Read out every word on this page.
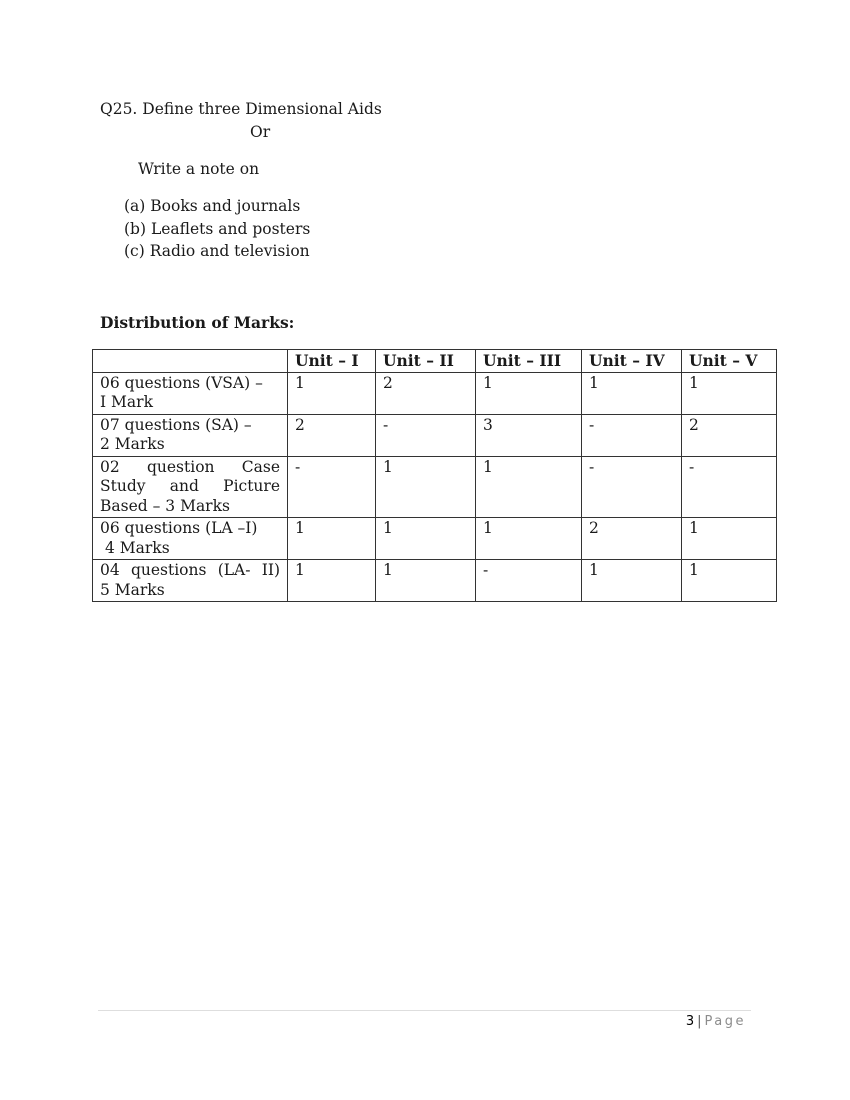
Q25. Define three Dimensional Aids
Or
Write a note on
(a) Books and journals
(b) Leaflets and posters
(c) Radio and television
Distribution of Marks:
	Unit – I	Unit – II	Unit – III	Unit – IV	Unit – V

06 questions (VSA) –
I Mark	1	2	1	1	1

07 questions (SA) –
2 Marks	2	-	3	-	2

02 question Case
Study and Picture
Based – 3 Marks	-	1	1	-	-

06 questions (LA –I)
4 Marks	1	1	1	2	1

04 questions (LA- II)
5 Marks	1	1	-	1	1
3 | Page
